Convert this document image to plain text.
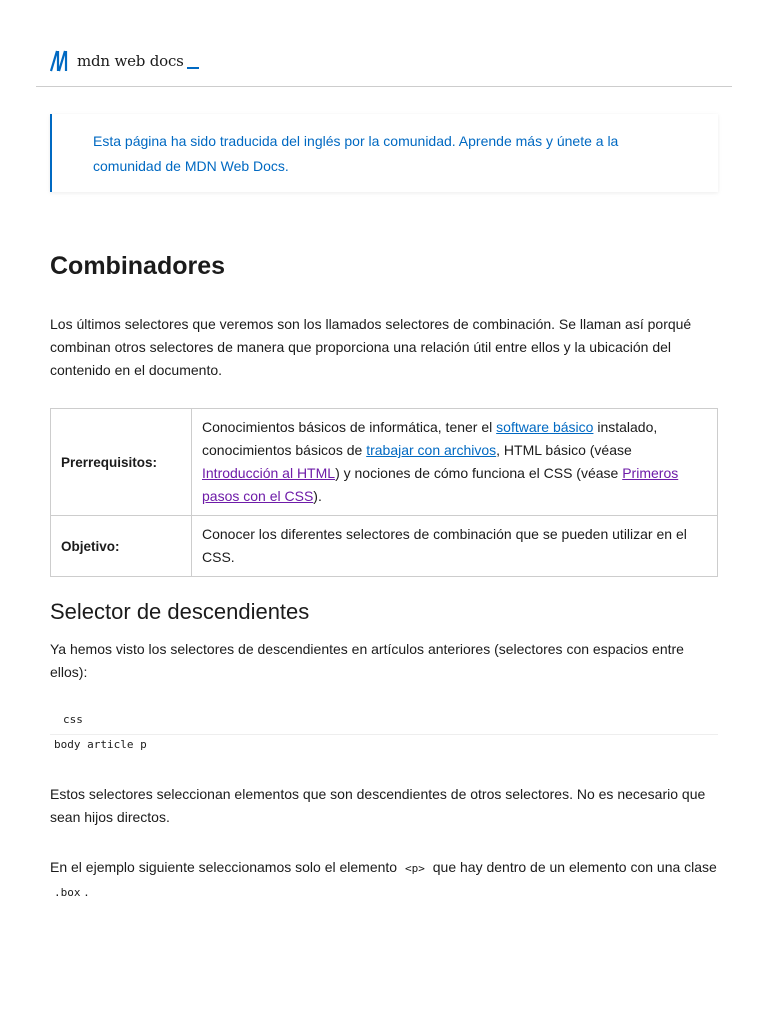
mdn web docs
Esta página ha sido traducida del inglés por la comunidad. Aprende más y únete a la comunidad de MDN Web Docs.
Combinadores

Los últimos selectores que veremos son los llamados selectores de combinación. Se llaman así porqué combinan otros selectores de manera que proporciona una relación útil entre ellos y la ubicación del contenido en el documento.

Prerrequisitos:	Conocimientos básicos de informática, tener el software básico instalado, conocimientos básicos de trabajar con archivos, HTML básico (véase Introducción al HTML) y nociones de cómo funciona el CSS (véase Primeros pasos con el CSS).
Objetivo:	Conocer los diferentes selectores de combinación que se pueden utilizar en el CSS.
Selector de descendientes

Ya hemos visto los selectores de descendientes en artículos anteriores (selectores con espacios entre ellos):

css
body article p

Estos selectores seleccionan elementos que son descendientes de otros selectores. No es necesario que sean hijos directos.

En el ejemplo siguiente seleccionamos solo el elemento <p> que hay dentro de un elemento con una clase .box .
